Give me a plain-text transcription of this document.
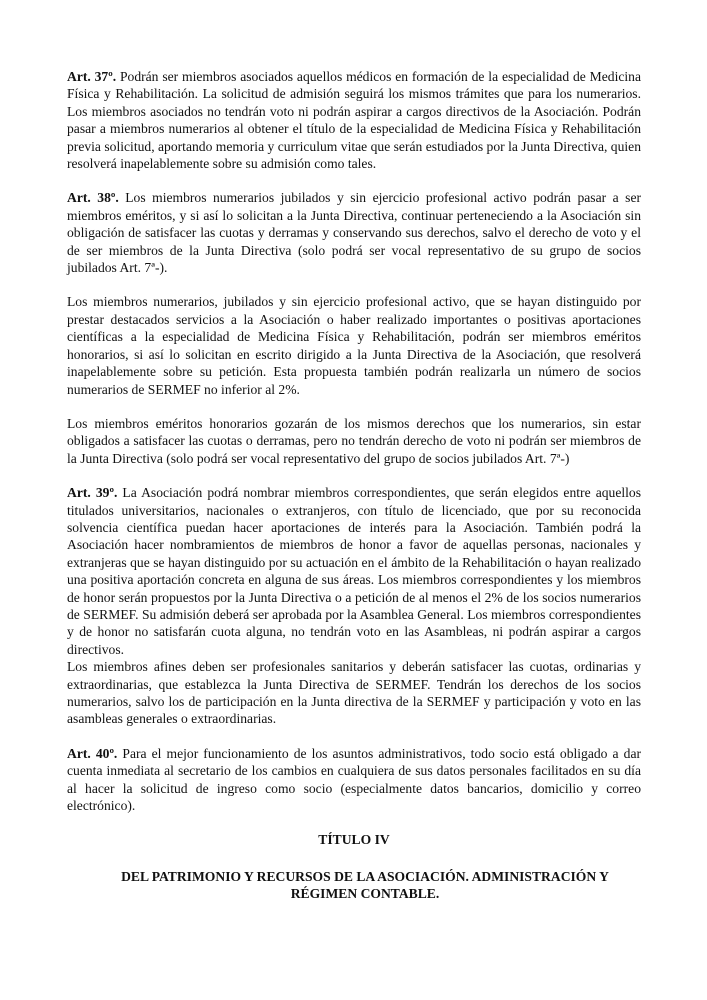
Art. 37º. Podrán ser miembros asociados aquellos médicos en formación de la especialidad de Medicina Física y Rehabilitación. La solicitud de admisión seguirá los mismos trámites que para los numerarios. Los miembros asociados no tendrán voto ni podrán aspirar a cargos directivos de la Asociación. Podrán pasar a miembros numerarios al obtener el título de la especialidad de Medicina Física y Rehabilitación previa solicitud, aportando memoria y curriculum vitae que serán estudiados por la Junta Directiva, quien resolverá inapelablemente sobre su admisión como tales.

Art. 38º. Los miembros numerarios jubilados y sin ejercicio profesional activo podrán pasar a ser miembros eméritos, y si así lo solicitan a la Junta Directiva, continuar perteneciendo a la Asociación sin obligación de satisfacer las cuotas y derramas y conservando sus derechos, salvo el derecho de voto y el de ser miembros de la Junta Directiva (solo podrá ser vocal representativo de su grupo de socios jubilados Art. 7ª-).

Los miembros numerarios, jubilados y sin ejercicio profesional activo, que se hayan distinguido por prestar destacados servicios a la Asociación o haber realizado importantes o positivas aportaciones científicas a la especialidad de Medicina Física y Rehabilitación, podrán ser miembros eméritos honorarios, si así lo solicitan en escrito dirigido a la Junta Directiva de la Asociación, que resolverá inapelablemente sobre su petición. Esta propuesta también podrán realizarla un número de socios numerarios de SERMEF no inferior al 2%.

Los miembros eméritos honorarios gozarán de los mismos derechos que los numerarios, sin estar obligados a satisfacer las cuotas o derramas, pero no tendrán derecho de voto ni podrán ser miembros de la Junta Directiva (solo podrá ser vocal representativo del grupo de socios jubilados Art. 7ª-)

Art. 39º. La Asociación podrá nombrar miembros correspondientes, que serán elegidos entre aquellos titulados universitarios, nacionales o extranjeros, con título de licenciado, que por su reconocida solvencia científica puedan hacer aportaciones de interés para la Asociación. También podrá la Asociación hacer nombramientos de miembros de honor a favor de aquellas personas, nacionales y extranjeras que se hayan distinguido por su actuación en el ámbito de la Rehabilitación o hayan realizado una positiva aportación concreta en alguna de sus áreas. Los miembros correspondientes y los miembros de honor serán propuestos por la Junta Directiva o a petición de al menos el 2% de los socios numerarios de SERMEF. Su admisión deberá ser aprobada por la Asamblea General. Los miembros correspondientes y de honor no satisfarán cuota alguna, no tendrán voto en las Asambleas, ni podrán aspirar a cargos directivos.
Los miembros afines deben ser profesionales sanitarios y deberán satisfacer las cuotas, ordinarias y extraordinarias, que establezca la Junta Directiva de SERMEF. Tendrán los derechos de los socios numerarios, salvo los de participación en la Junta directiva de la SERMEF y participación y voto en las asambleas generales o extraordinarias.

Art. 40º. Para el mejor funcionamiento de los asuntos administrativos, todo socio está obligado a dar cuenta inmediata al secretario de los cambios en cualquiera de sus datos personales facilitados en su día al hacer la solicitud de ingreso como socio (especialmente datos bancarios, domicilio y correo electrónico).

TÍTULO IV

DEL PATRIMONIO Y RECURSOS DE LA ASOCIACIÓN. ADMINISTRACIÓN Y RÉGIMEN CONTABLE.
